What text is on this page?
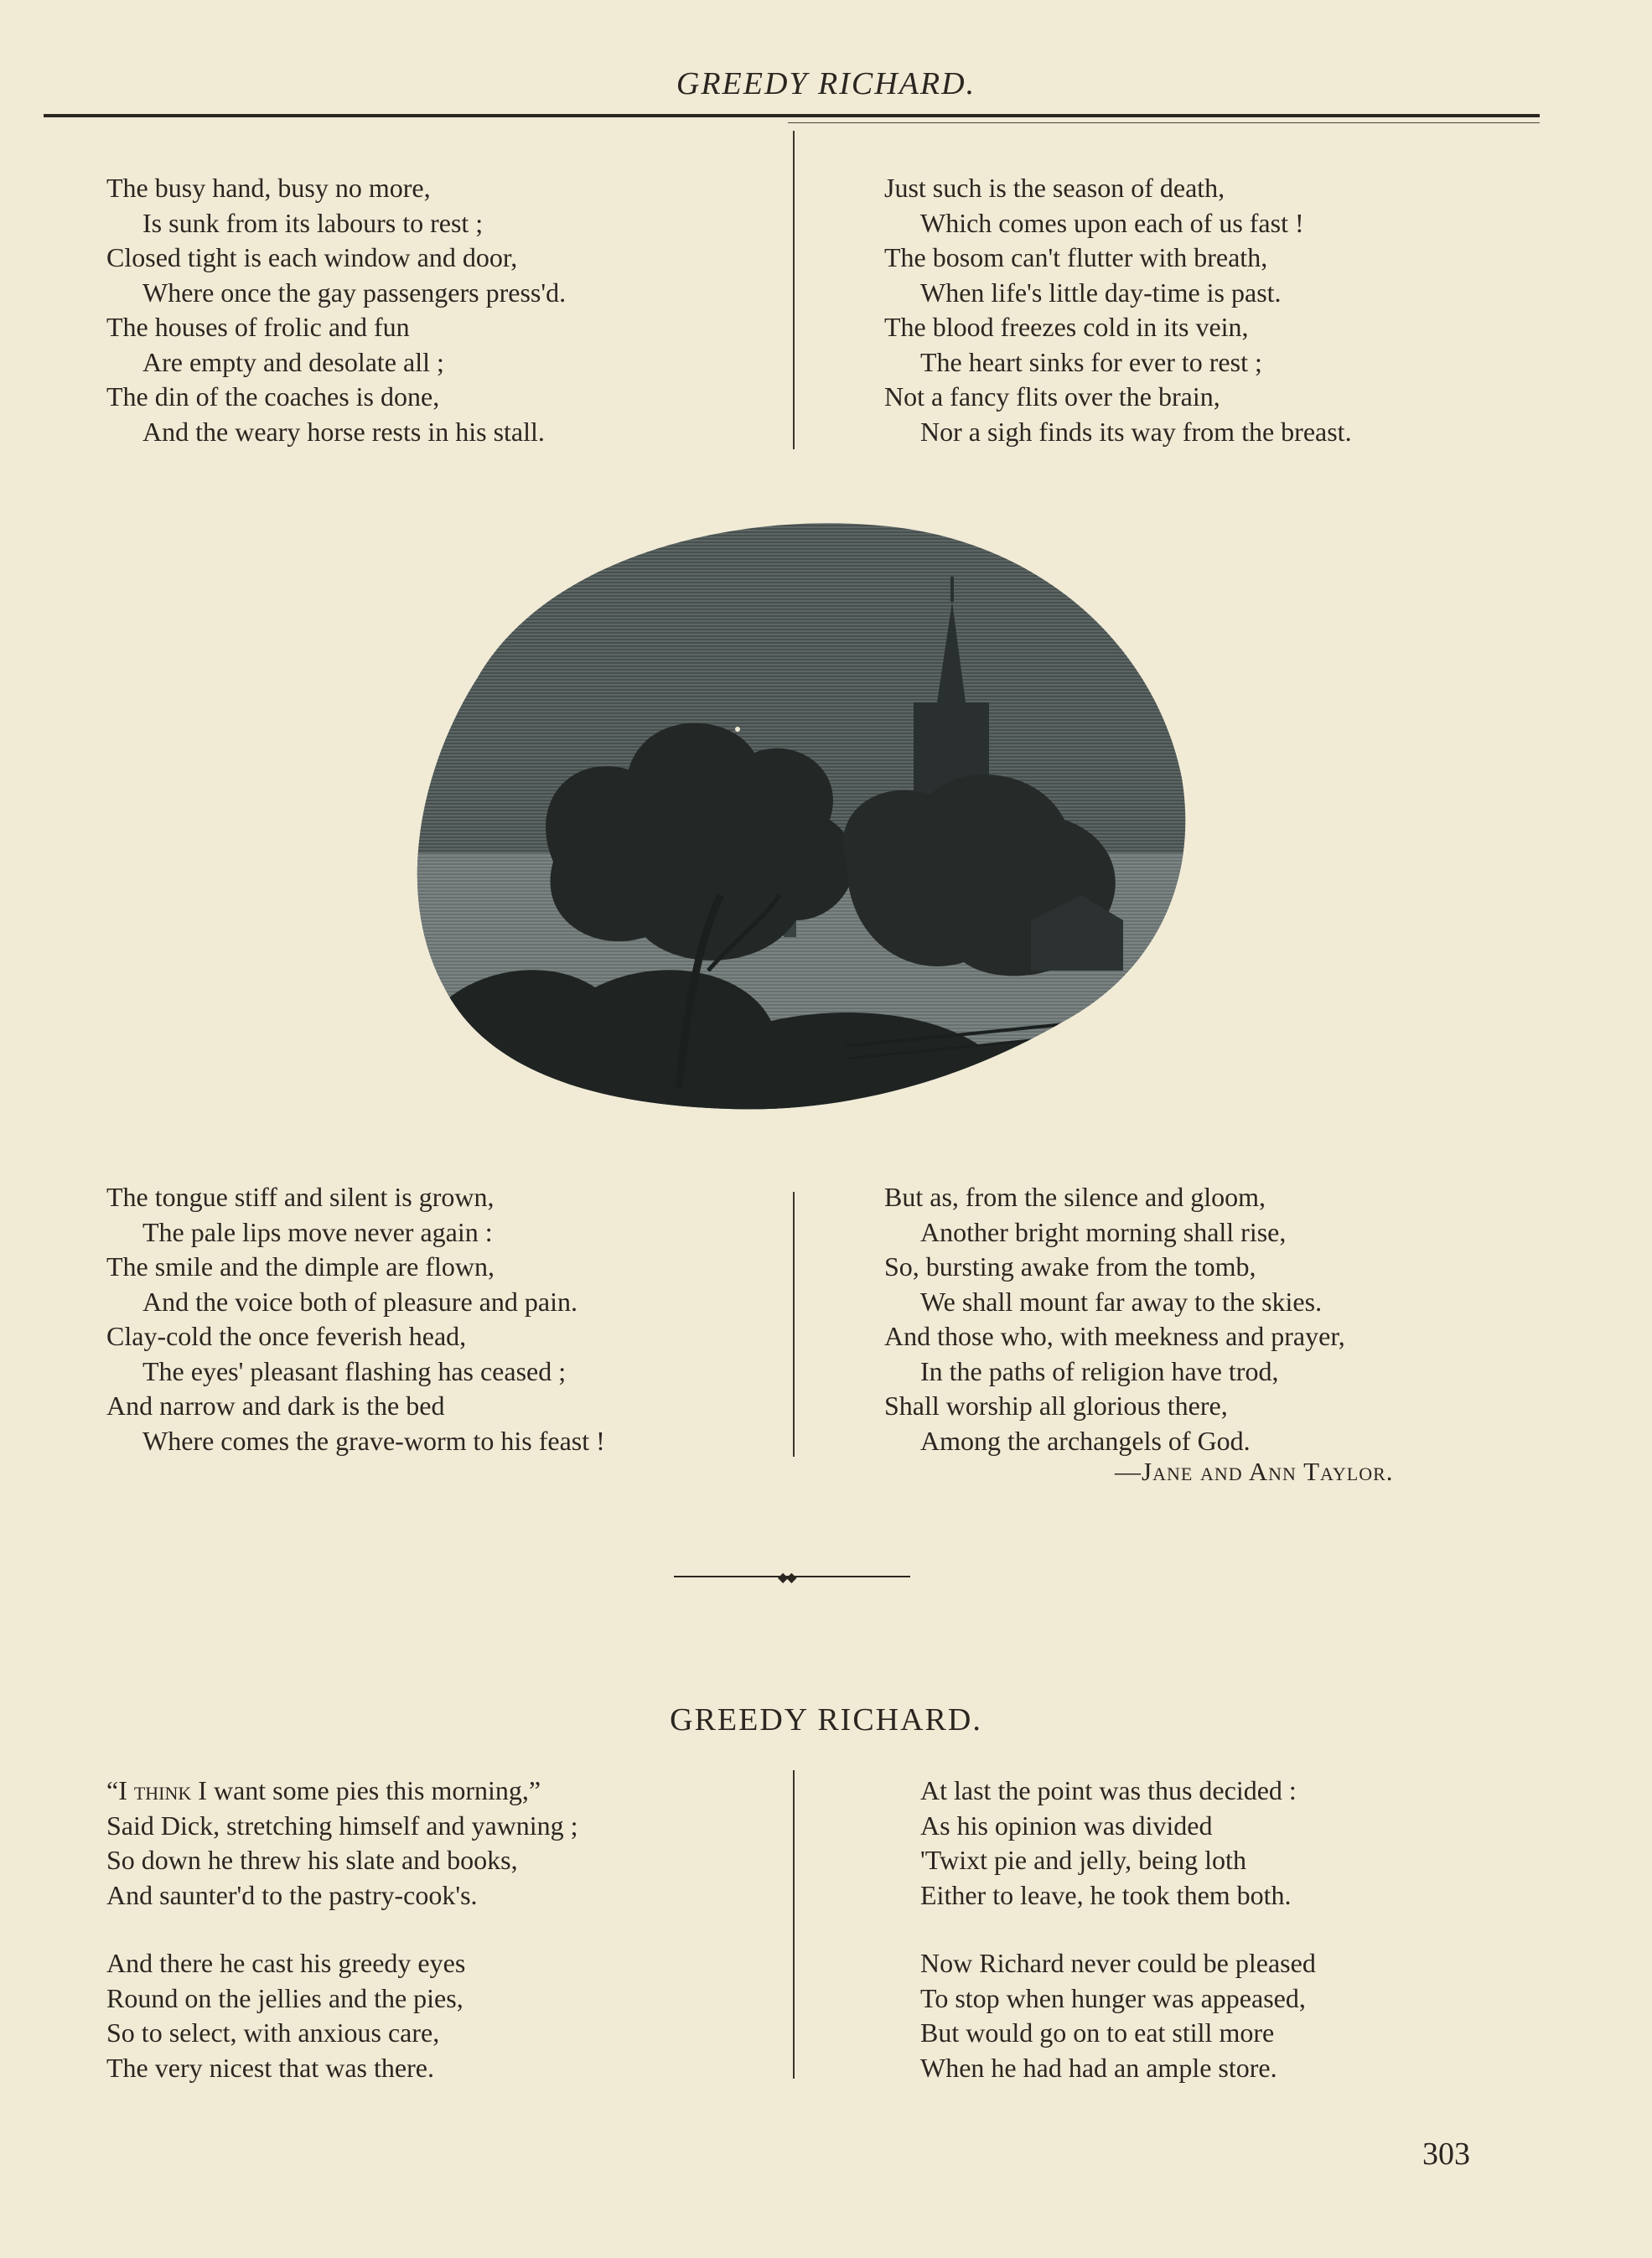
GREEDY RICHARD.
The busy hand, busy no more,
Is sunk from its labours to rest ;
Closed tight is each window and door,
Where once the gay passengers press'd.
The houses of frolic and fun
Are empty and desolate all ;
The din of the coaches is done,
And the weary horse rests in his stall.
Just such is the season of death,
Which comes upon each of us fast !
The bosom can't flutter with breath,
When life's little day-time is past.
The blood freezes cold in its vein,
The heart sinks for ever to rest ;
Not a fancy flits over the brain,
Nor a sigh finds its way from the breast.
The tongue stiff and silent is grown,
The pale lips move never again :
The smile and the dimple are flown,
And the voice both of pleasure and pain.
Clay-cold the once feverish head,
The eyes' pleasant flashing has ceased ;
And narrow and dark is the bed
Where comes the grave-worm to his feast !
But as, from the silence and gloom,
Another bright morning shall rise,
So, bursting awake from the tomb,
We shall mount far away to the skies.
And those who, with meekness and prayer,
In the paths of religion have trod,
Shall worship all glorious there,
Among the archangels of God.
—Jane and Ann Taylor.
◆◆
GREEDY RICHARD.
“I think I want some pies this morning,”
Said Dick, stretching himself and yawning ;
So down he threw his slate and books,
And saunter'd to the pastry-cook's.
And there he cast his greedy eyes
Round on the jellies and the pies,
So to select, with anxious care,
The very nicest that was there.
At last the point was thus decided :
As his opinion was divided
'Twixt pie and jelly, being loth
Either to leave, he took them both.
Now Richard never could be pleased
To stop when hunger was appeased,
But would go on to eat still more
When he had had an ample store.
303
